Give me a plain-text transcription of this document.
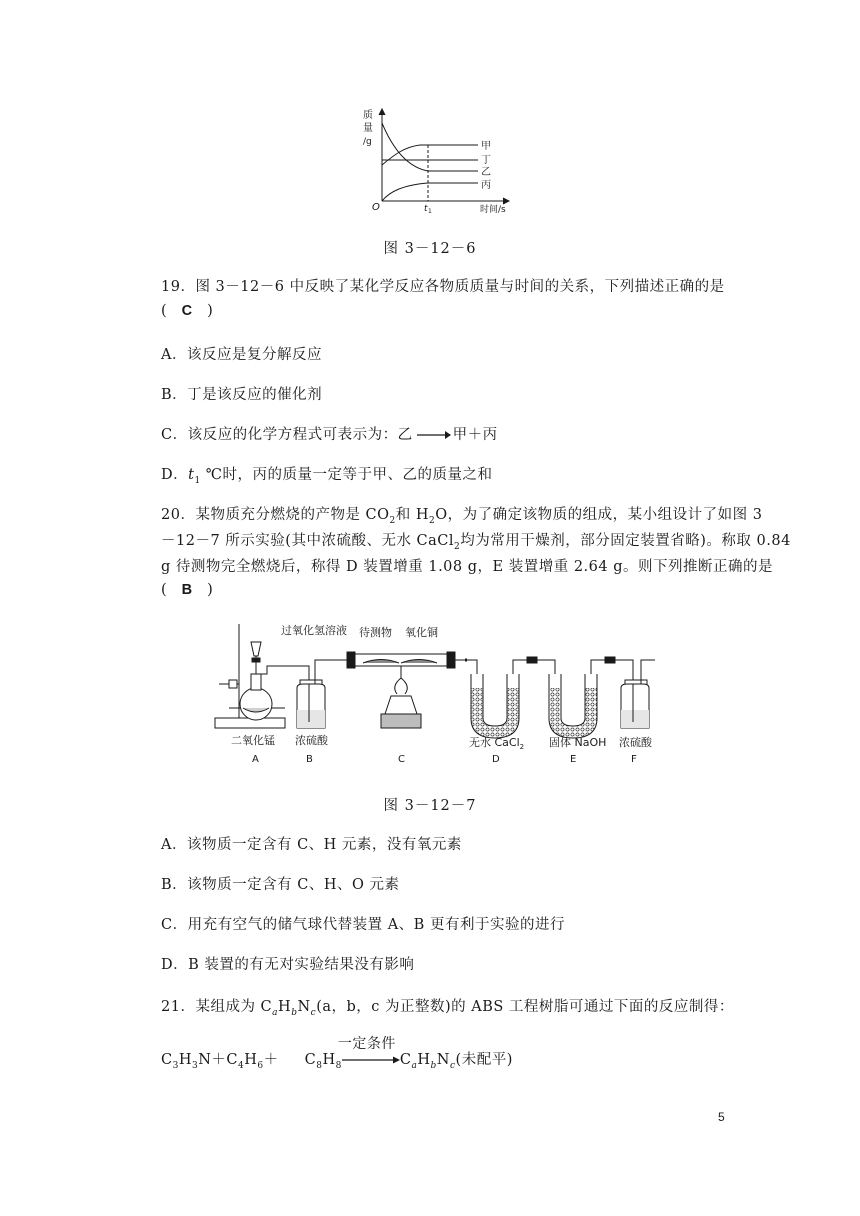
质
量
/g
O	t 1	时间/s
甲
丁
乙
丙
图 3－12－6
19．图 3－12－6 中反映了某化学反应各物质质量与时间的关系，下列描述正确的是
( C )
A．该反应是复分解反应
B．丁是该反应的催化剂
C．该反应的化学方程式可表示为：乙 → 甲＋丙
D．$t_1$ ℃时，丙的质量一定等于甲、乙的质量之和
20．某物质充分燃烧的产物是 $CO_2$和 $H_2O$，为了确定该物质的组成，某小组设计了如图 3
－12－7 所示实验(其中浓硫酸、无水 CaCl$_2$均为常用干燥剂，部分固定装置省略)。称取 0.84
g 待测物完全燃烧后，称得 D 装置增重 1.08 g，E 装置增重 2.64 g。则下列推断正确的是
( B )
过氧化氢溶液 待测物 氧化铜
二氧化锰 浓硫酸	无水 CaCl$_2$ 固体 NaOH 浓硫酸
A	B	C	D	E	F
图 3－12－7
A．该物质一定含有 C、H 元素，没有氧元素
B．该物质一定含有 C、H、O 元素
C．用充有空气的储气球代替装置 A、B 更有利于实验的进行
D．B 装置的有无对实验结果没有影响
21．某组成为 $C_aH_bN_c(a$，b，c 为正整数)的 ABS 工程树脂可通过下面的反应制得：
$C_3H_3N+C_4H_6+ C_8H_8$
一定条件
$C_aH_bN_c$(未配平)
5
